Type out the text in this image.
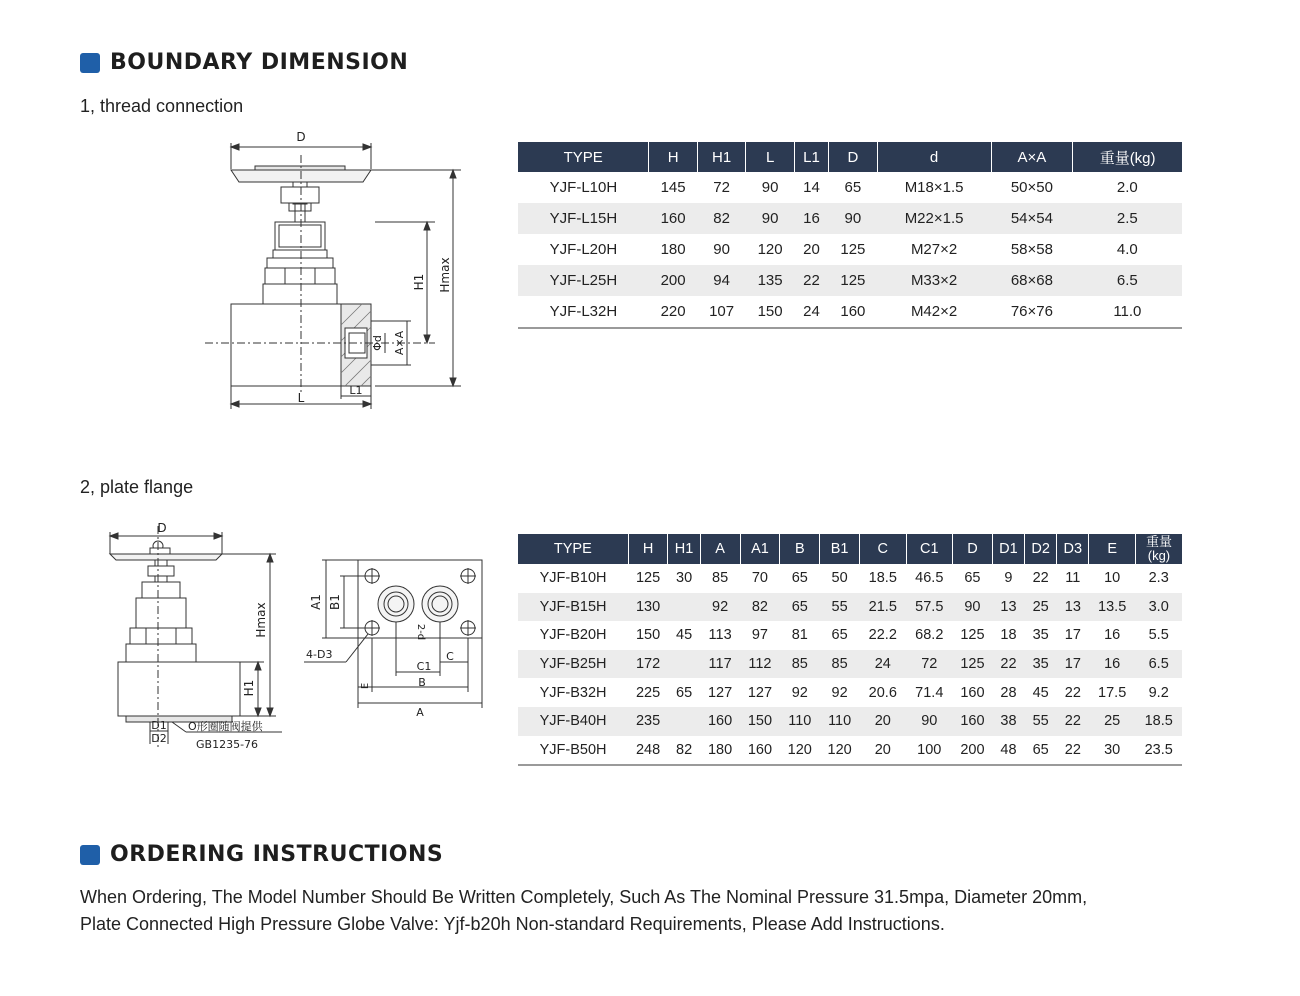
BOUNDARY DIMENSION
1, thread connection
D
L
L1
H1 Hmax
A×A
Φd
TYPE	H	H1	L	L1	D	d	A×A	重量(kg)
YJF-L10H	145	72	90	14	65	M18×1.5	50×50	2.0
YJF-L15H	160	82	90	16	90	M22×1.5	54×54	2.5
YJF-L20H	180	90	120	20	125	M27×2	58×58	4.0
YJF-L25H	200	94	135	22	125	M33×2	68×68	6.5
YJF-L32H	220	107	150	24	160	M42×2	76×76	11.0
2, plate flange
D
Hmax
H1
D1
D2
O形圈随阀提供
GB1235-76
A1 B1
4-D3
2-d
C1
C
E	B
A
TYPE	H	H1	A	A1	B	B1	C	C1	D	D1	D2	D3	E	重量
(kg)
YJF-B10H	125	30	85	70	65	50	18.5	46.5	65	9	22	11	10	2.3
YJF-B15H	130		92	82	65	55	21.5	57.5	90	13	25	13	13.5	3.0
YJF-B20H	150	45	113	97	81	65	22.2	68.2	125	18	35	17	16	5.5
YJF-B25H	172		117	112	85	85	24	72	125	22	35	17	16	6.5
YJF-B32H	225	65	127	127	92	92	20.6	71.4	160	28	45	22	17.5	9.2
YJF-B40H	235		160	150	110	110	20	90	160	38	55	22	25	18.5
YJF-B50H	248	82	180	160	120	120	20	100	200	48	65	22	30	23.5
ORDERING INSTRUCTIONS
When Ordering, The Model Number Should Be Written Completely, Such As The Nominal Pressure 31.5mpa, Diameter 20mm,
Plate Connected High Pressure Globe Valve: Yjf-b20h Non-standard Requirements, Please Add Instructions.
